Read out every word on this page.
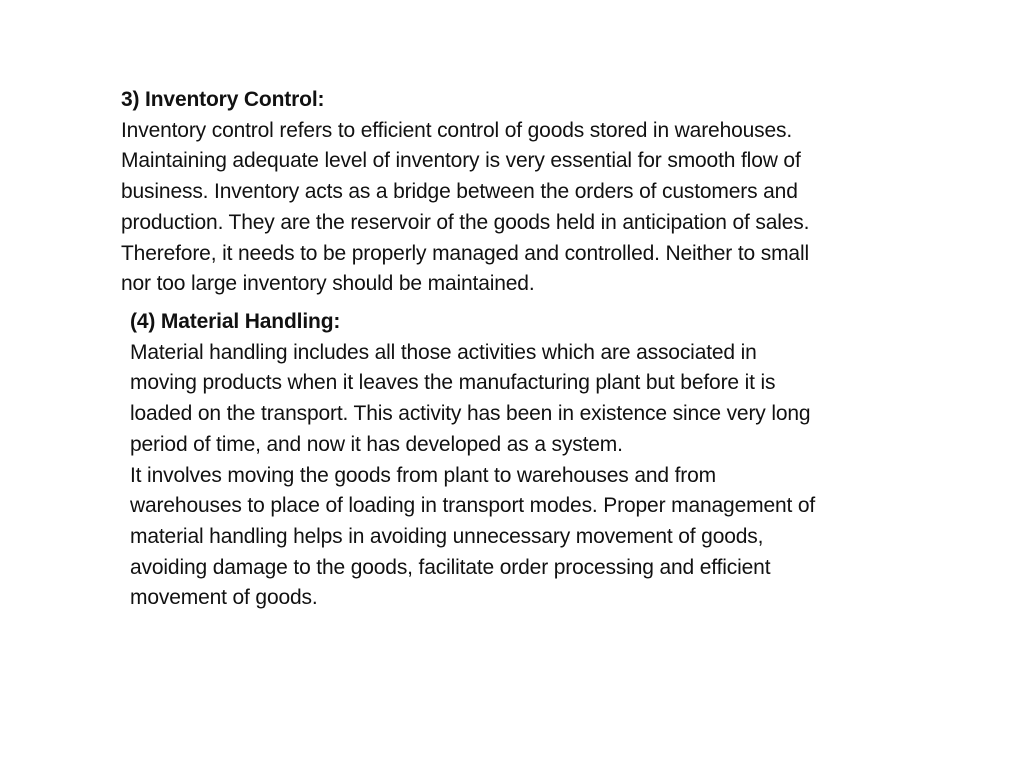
3) Inventory Control:
Inventory control refers to efficient control of goods stored in warehouses.
Maintaining adequate level of inventory is very essential for smooth flow of
business. Inventory acts as a bridge between the orders of customers and
production. They are the reservoir of the goods held in anticipation of sales.
Therefore, it needs to be properly managed and controlled. Neither to small
nor too large inventory should be maintained.
(4) Material Handling:
Material handling includes all those activities which are associated in
moving products when it leaves the manufacturing plant but before it is
loaded on the transport. This activity has been in existence since very long
period of time, and now it has developed as a system.
It involves moving the goods from plant to warehouses and from
warehouses to place of loading in transport modes. Proper management of
material handling helps in avoiding unnecessary movement of goods,
avoiding damage to the goods, facilitate order processing and efficient
movement of goods.
